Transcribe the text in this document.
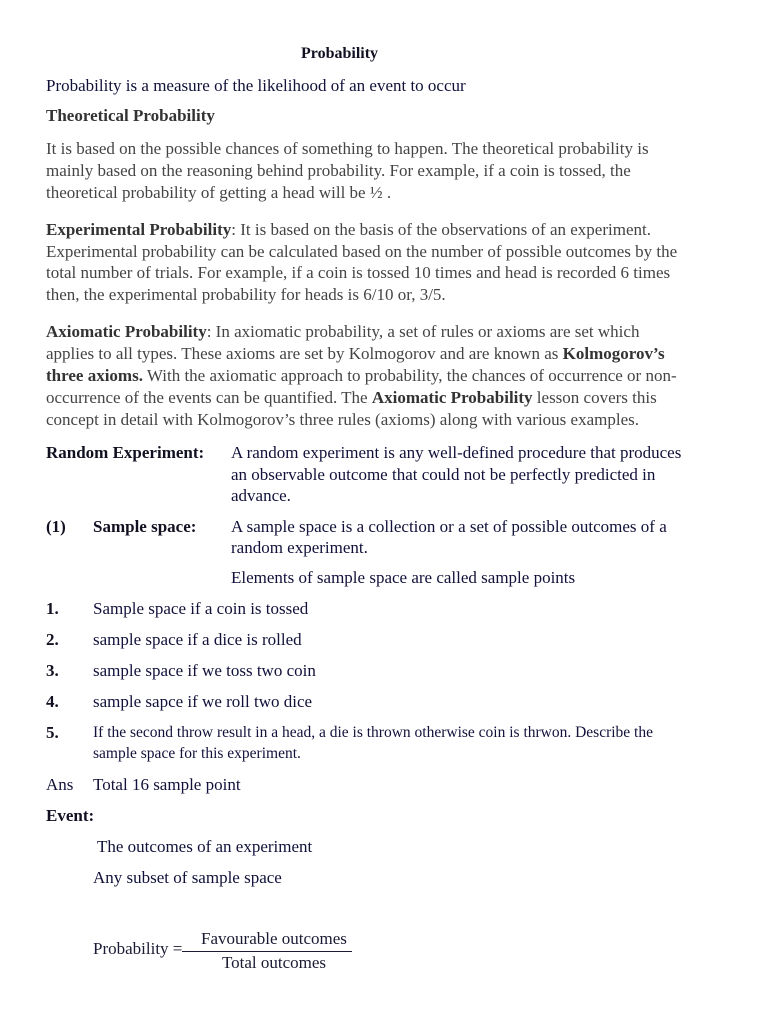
Probability
Probability is a measure of the likelihood of an event to occur
Theoretical Probability
It is based on the possible chances of something to happen. The theoretical probability is
mainly based on the reasoning behind probability. For example, if a coin is tossed, the
theoretical probability of getting a head will be ½ .
Experimental Probability: It is based on the basis of the observations of an experiment.
Experimental probability can be calculated based on the number of possible outcomes by the
total number of trials. For example, if a coin is tossed 10 times and head is recorded 6 times
then, the experimental probability for heads is 6/10 or, 3/5.
Axiomatic Probability: In axiomatic probability, a set of rules or axioms are set which
applies to all types. These axioms are set by Kolmogorov and are known as Kolmogorov’s
three axioms. With the axiomatic approach to probability, the chances of occurrence or non-
occurrence of the events can be quantified. The Axiomatic Probability lesson covers this
concept in detail with Kolmogorov’s three rules (axioms) along with various examples.
Random Experiment: A random experiment is any well-defined procedure that produces
an observable outcome that could not be perfectly predicted in
advance.
(1) Sample space: A sample space is a collection or a set of possible outcomes of a
random experiment.
Elements of sample space are called sample points
1. Sample space if a coin is tossed
2. sample space if a dice is rolled
3. sample space if we toss two coin
4. sample sapce if we roll two dice
5. If the second throw result in a head, a die is thrown otherwise coin is thrwon. Describe the
sample space for this experiment.
Ans Total 16 sample point
Event:
The outcomes of an experiment
Any subset of sample space
Probability =
Favourable outcomes
Total outcomes
